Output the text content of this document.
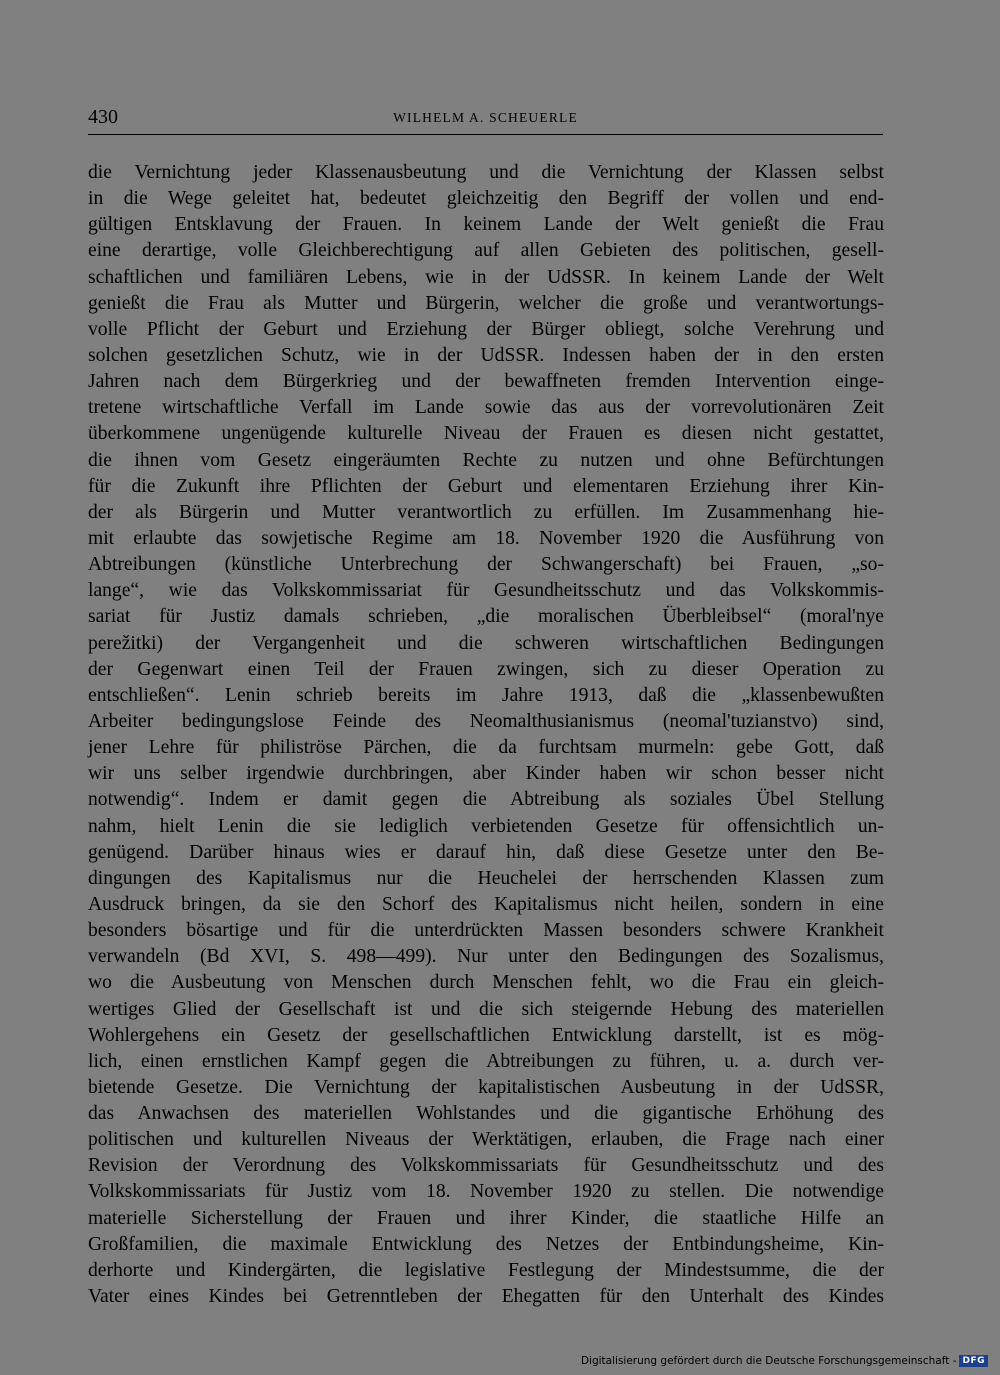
430	WILHELM A. SCHEUERLE
die Vernichtung jeder Klassenausbeutung und die Vernichtung der Klassen selbst
in die Wege geleitet hat, bedeutet gleichzeitig den Begriff der vollen und end-
gültigen Entsklavung der Frauen. In keinem Lande der Welt genießt die Frau
eine derartige, volle Gleichberechtigung auf allen Gebieten des politischen, gesell-
schaftlichen und familiären Lebens, wie in der UdSSR. In keinem Lande der Welt
genießt die Frau als Mutter und Bürgerin, welcher die große und verantwortungs-
volle Pflicht der Geburt und Erziehung der Bürger obliegt, solche Verehrung und
solchen gesetzlichen Schutz, wie in der UdSSR. Indessen haben der in den ersten
Jahren nach dem Bürgerkrieg und der bewaffneten fremden Intervention einge-
tretene wirtschaftliche Verfall im Lande sowie das aus der vorrevolutionären Zeit
überkommene ungenügende kulturelle Niveau der Frauen es diesen nicht gestattet,
die ihnen vom Gesetz eingeräumten Rechte zu nutzen und ohne Befürchtungen
für die Zukunft ihre Pflichten der Geburt und elementaren Erziehung ihrer Kin-
der als Bürgerin und Mutter verantwortlich zu erfüllen. Im Zusammenhang hie-
mit erlaubte das sowjetische Regime am 18. November 1920 die Ausführung von
Abtreibungen (künstliche Unterbrechung der Schwangerschaft) bei Frauen, „so-
lange“, wie das Volkskommissariat für Gesundheitsschutz und das Volkskommis-
sariat für Justiz damals schrieben, „die moralischen Überbleibsel“ (moral'nye
perežitki) der Vergangenheit und die schweren wirtschaftlichen Bedingungen
der Gegenwart einen Teil der Frauen zwingen, sich zu dieser Operation zu
entschließen“. Lenin schrieb bereits im Jahre 1913, daß die „klassenbewußten
Arbeiter bedingungslose Feinde des Neomalthusianismus (neomal'tuzianstvo) sind,
jener Lehre für philiströse Pärchen, die da furchtsam murmeln: gebe Gott, daß
wir uns selber irgendwie durchbringen, aber Kinder haben wir schon besser nicht
notwendig“. Indem er damit gegen die Abtreibung als soziales Übel Stellung
nahm, hielt Lenin die sie lediglich verbietenden Gesetze für offensichtlich un-
genügend. Darüber hinaus wies er darauf hin, daß diese Gesetze unter den Be-
dingungen des Kapitalismus nur die Heuchelei der herrschenden Klassen zum
Ausdruck bringen, da sie den Schorf des Kapitalismus nicht heilen, sondern in eine
besonders bösartige und für die unterdrückten Massen besonders schwere Krankheit
verwandeln (Bd XVI, S. 498—499). Nur unter den Bedingungen des Sozalismus,
wo die Ausbeutung von Menschen durch Menschen fehlt, wo die Frau ein gleich-
wertiges Glied der Gesellschaft ist und die sich steigernde Hebung des materiellen
Wohlergehens ein Gesetz der gesellschaftlichen Entwicklung darstellt, ist es mög-
lich, einen ernstlichen Kampf gegen die Abtreibungen zu führen, u. a. durch ver-
bietende Gesetze. Die Vernichtung der kapitalistischen Ausbeutung in der UdSSR,
das Anwachsen des materiellen Wohlstandes und die gigantische Erhöhung des
politischen und kulturellen Niveaus der Werktätigen, erlauben, die Frage nach einer
Revision der Verordnung des Volkskommissariats für Gesundheitsschutz und des
Volkskommissariats für Justiz vom 18. November 1920 zu stellen. Die notwendige
materielle Sicherstellung der Frauen und ihrer Kinder, die staatliche Hilfe an
Großfamilien, die maximale Entwicklung des Netzes der Entbindungsheime, Kin-
derhorte und Kindergärten, die legislative Festlegung der Mindestsumme, die der
Vater eines Kindes bei Getrenntleben der Ehegatten für den Unterhalt des Kindes
Digitalisierung gefördert durch die Deutsche Forschungsgemeinschaft - DFG
